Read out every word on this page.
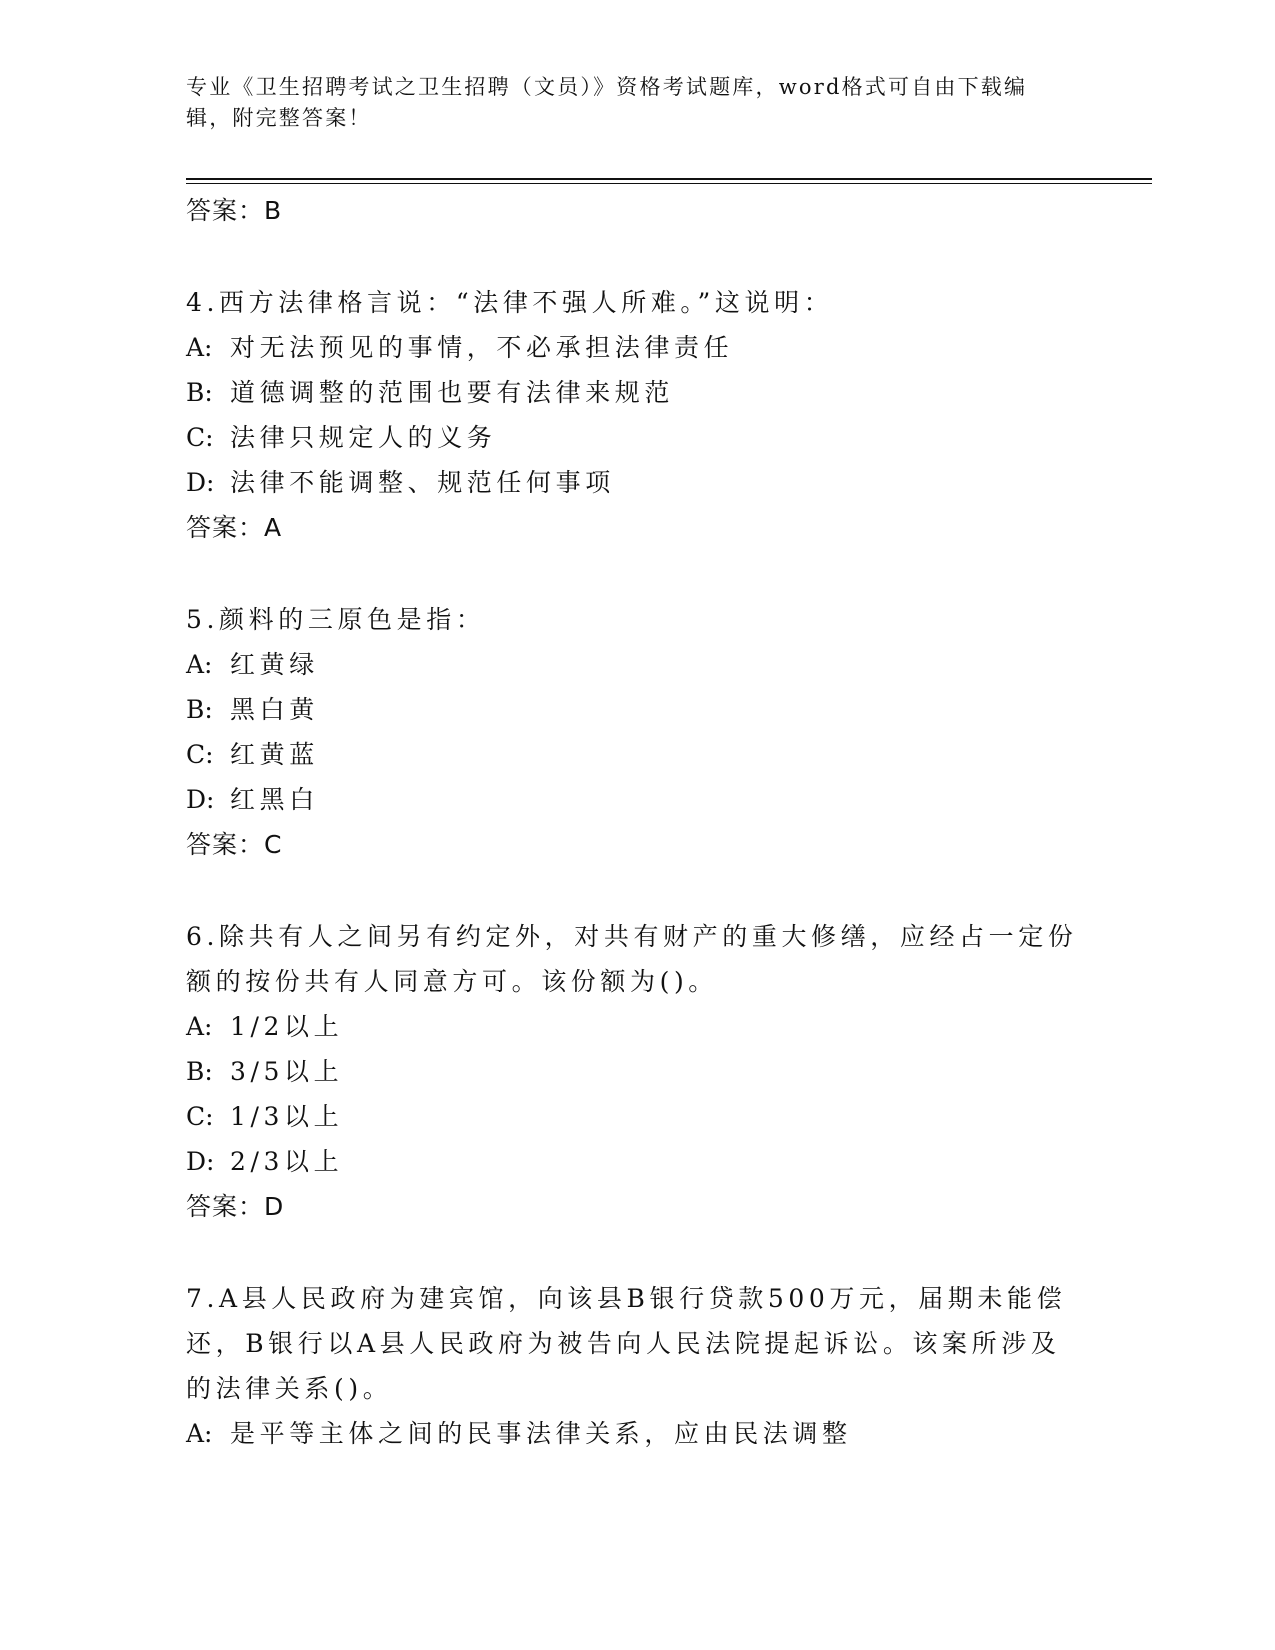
专业《卫生招聘考试之卫生招聘（文员）》资格考试题库，word格式可自由下载编辑，附完整答案！

答案：B

4.西方法律格言说：“法律不强人所难。”这说明：

A: 对无法预见的事情，不必承担法律责任

B: 道德调整的范围也要有法律来规范

C: 法律只规定人的义务

D: 法律不能调整、规范任何事项

答案：A

5.颜料的三原色是指：

A: 红黄绿

B: 黑白黄

C: 红黄蓝

D: 红黑白

答案：C

6.除共有人之间另有约定外，对共有财产的重大修缮，应经占一定份额的按份共有人同意方可。该份额为()。

A: 1/2以上

B: 3/5以上

C: 1/3以上

D: 2/3以上

答案：D

7.A县人民政府为建宾馆，向该县B银行贷款500万元，届期未能偿还，B银行以A县人民政府为被告向人民法院提起诉讼。该案所涉及的法律关系()。

A: 是平等主体之间的民事法律关系，应由民法调整
